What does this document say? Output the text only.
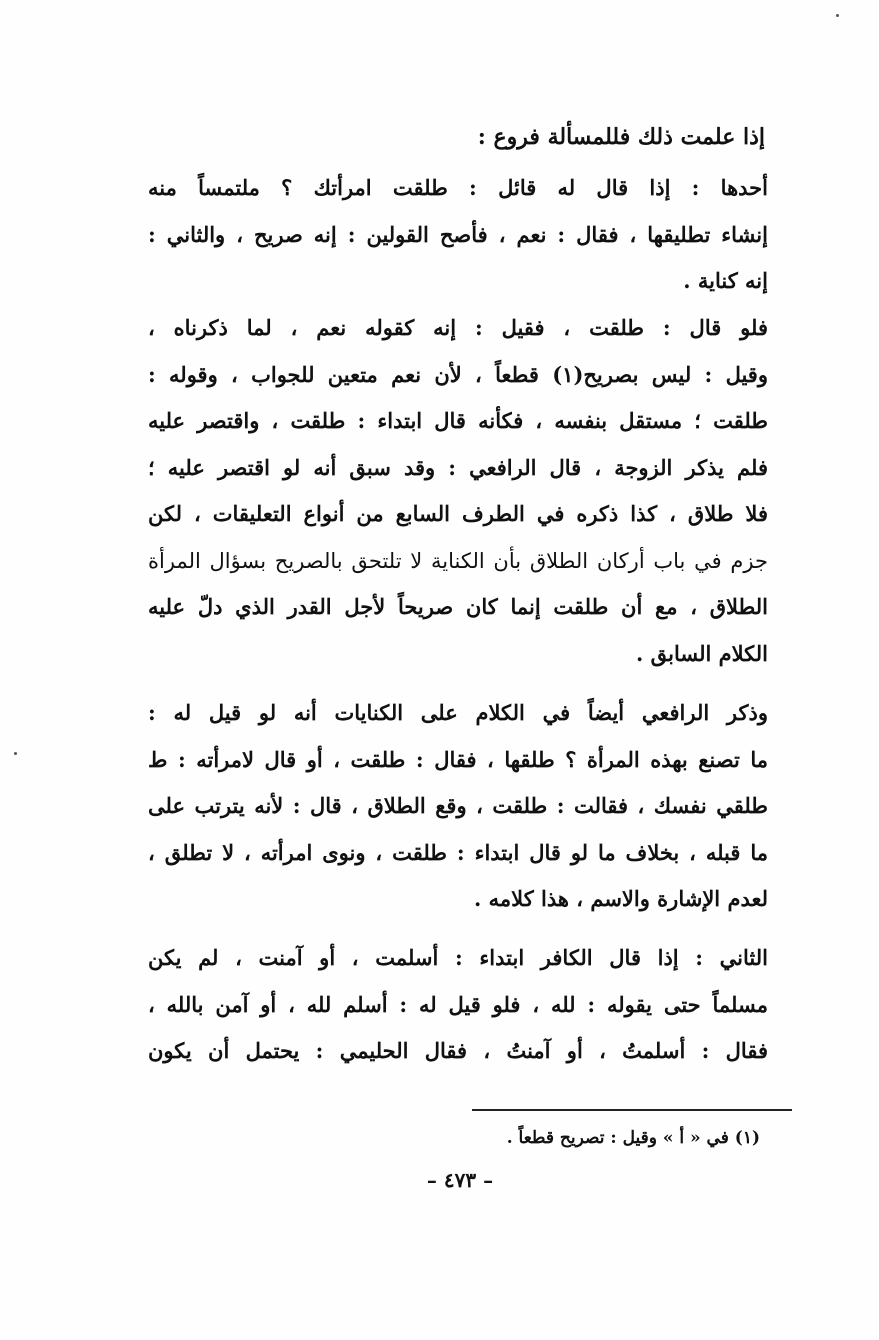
إذا علمت ذلك فللمسألة فروع :

أحدها : إذا قال له قائل : طلقت امرأتك ؟ ملتمساً منه
إنشاء تطليقها ، فقال : نعم ، فأصح القولين : إنه صريح ، والثاني :
إنه كناية .

فلو قال : طلقت ، فقيل : إنه كقوله نعم ، لما ذكرناه ،
وقيل : ليس بصريح(١) قطعاً ، لأن نعم متعين للجواب ، وقوله :
طلقت ؛ مستقل بنفسه ، فكأنه قال ابتداء : طلقت ، واقتصر عليه
فلم يذكر الزوجة ، قال الرافعي : وقد سبق أنه لو اقتصر عليه ؛
فلا طلاق ، كذا ذكره في الطرف السابع من أنواع التعليقات ، لكن
جزم في باب أركان الطلاق بأن الكناية لا تلتحق بالصريح بسؤال المرأة
الطلاق ، مع أن طلقت إنما كان صريحاً لأجل القدر الذي دلّ عليه
الكلام السابق .

وذكر الرافعي أيضاً في الكلام على الكنايات أنه لو قيل له :
ما تصنع بهذه المرأة ؟ طلقها ، فقال : طلقت ، أو قال لامرأته : ط
طلقي نفسك ، فقالت : طلقت ، وقع الطلاق ، قال : لأنه يترتب على
ما قبله ، بخلاف ما لو قال ابتداء : طلقت ، ونوى امرأته ، لا تطلق ،
لعدم الإشارة والاسم ، هذا كلامه .

الثاني : إذا قال الكافر ابتداء : أسلمت ، أو آمنت ، لم يكن
مسلماً حتى يقوله : لله ، فلو قيل له : أسلم لله ، أو آمن بالله ،
فقال : أسلمتُ ، أو آمنتُ ، فقال الحليمي : يحتمل أن يكون

(١) في « أ » وقيل : تصريح قطعاً .
– ٤٧٣ –
